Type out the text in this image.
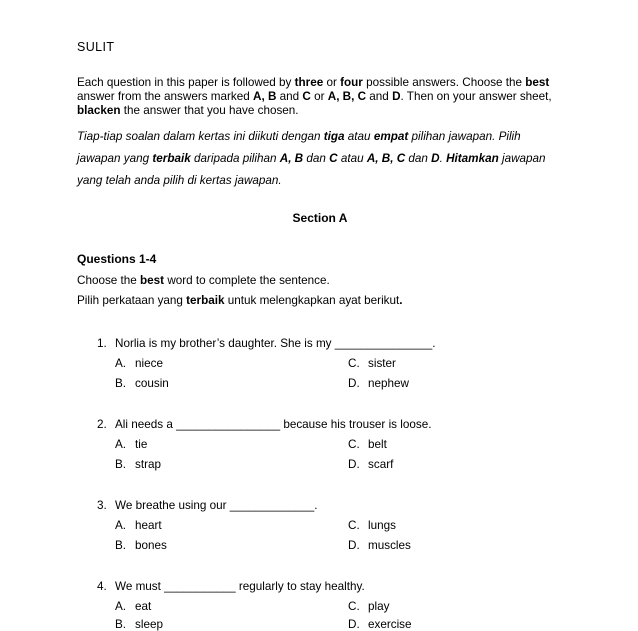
SULIT
Each question in this paper is followed by three or four possible answers. Choose the best
answer from the answers marked A, B and C or A, B, C and D. Then on your answer sheet,
blacken the answer that you have chosen.
Tiap-tiap soalan dalam kertas ini diikuti dengan tiga atau empat pilihan jawapan. Pilih
jawapan yang terbaik daripada pilihan A, B dan C atau A, B, C dan D. Hitamkan jawapan
yang telah anda pilih di kertas jawapan.
Section A
Questions 1-4
Choose the best word to complete the sentence.
Pilih perkataan yang terbaik untuk melengkapkan ayat berikut.
1. Norlia is my brother’s daughter. She is my _______________.
A. niece	C. sister
B. cousin	D. nephew
2. Ali needs a ________________ because his trouser is loose.
A. tie	C. belt
B. strap	D. scarf
3. We breathe using our _____________.
A. heart	C. lungs
B. bones	D. muscles
4. We must ___________ regularly to stay healthy.
A. eat	C. play
B. sleep	D. exercise
